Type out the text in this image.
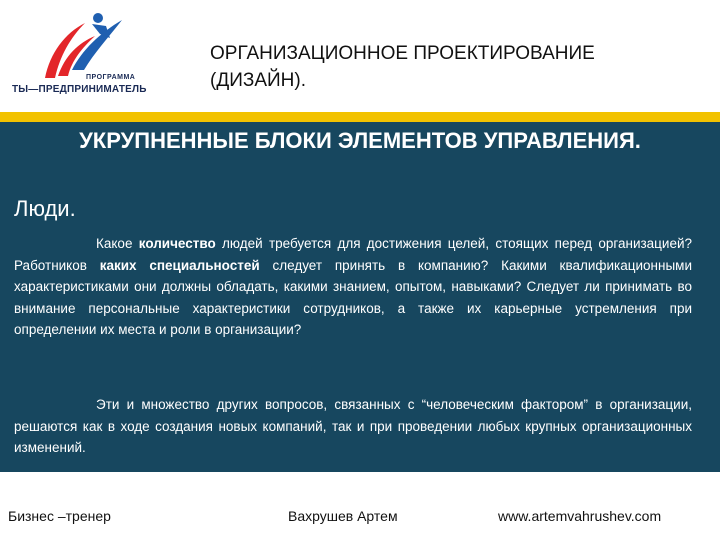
ПРОГРАММА
ТЫ—ПРЕДПРИНИМАТЕЛЬ
ОРГАНИЗАЦИОННОЕ ПРОЕКТИРОВАНИЕ
(ДИЗАЙН).
УКРУПНЕННЫЕ БЛОКИ ЭЛЕМЕНТОВ УПРАВЛЕНИЯ.
Люди.
Какое количество людей требуется для достижения целей, стоящих перед организацией? Работников каких специальностей следует принять в компанию? Какими квалификационными характеристиками они должны обладать, какими знанием, опытом, навыками? Следует ли принимать во внимание персональные характеристики сотрудников, а также их карьерные устремления при определении их места и роли в организации?
Эти и множество других вопросов, связанных с “человеческим фактором” в организации, решаются как в ходе создания новых компаний, так и при проведении любых крупных организационных изменений.
Бизнес –тренер	Вахрушев Артем	www.artemvahrushev.com
